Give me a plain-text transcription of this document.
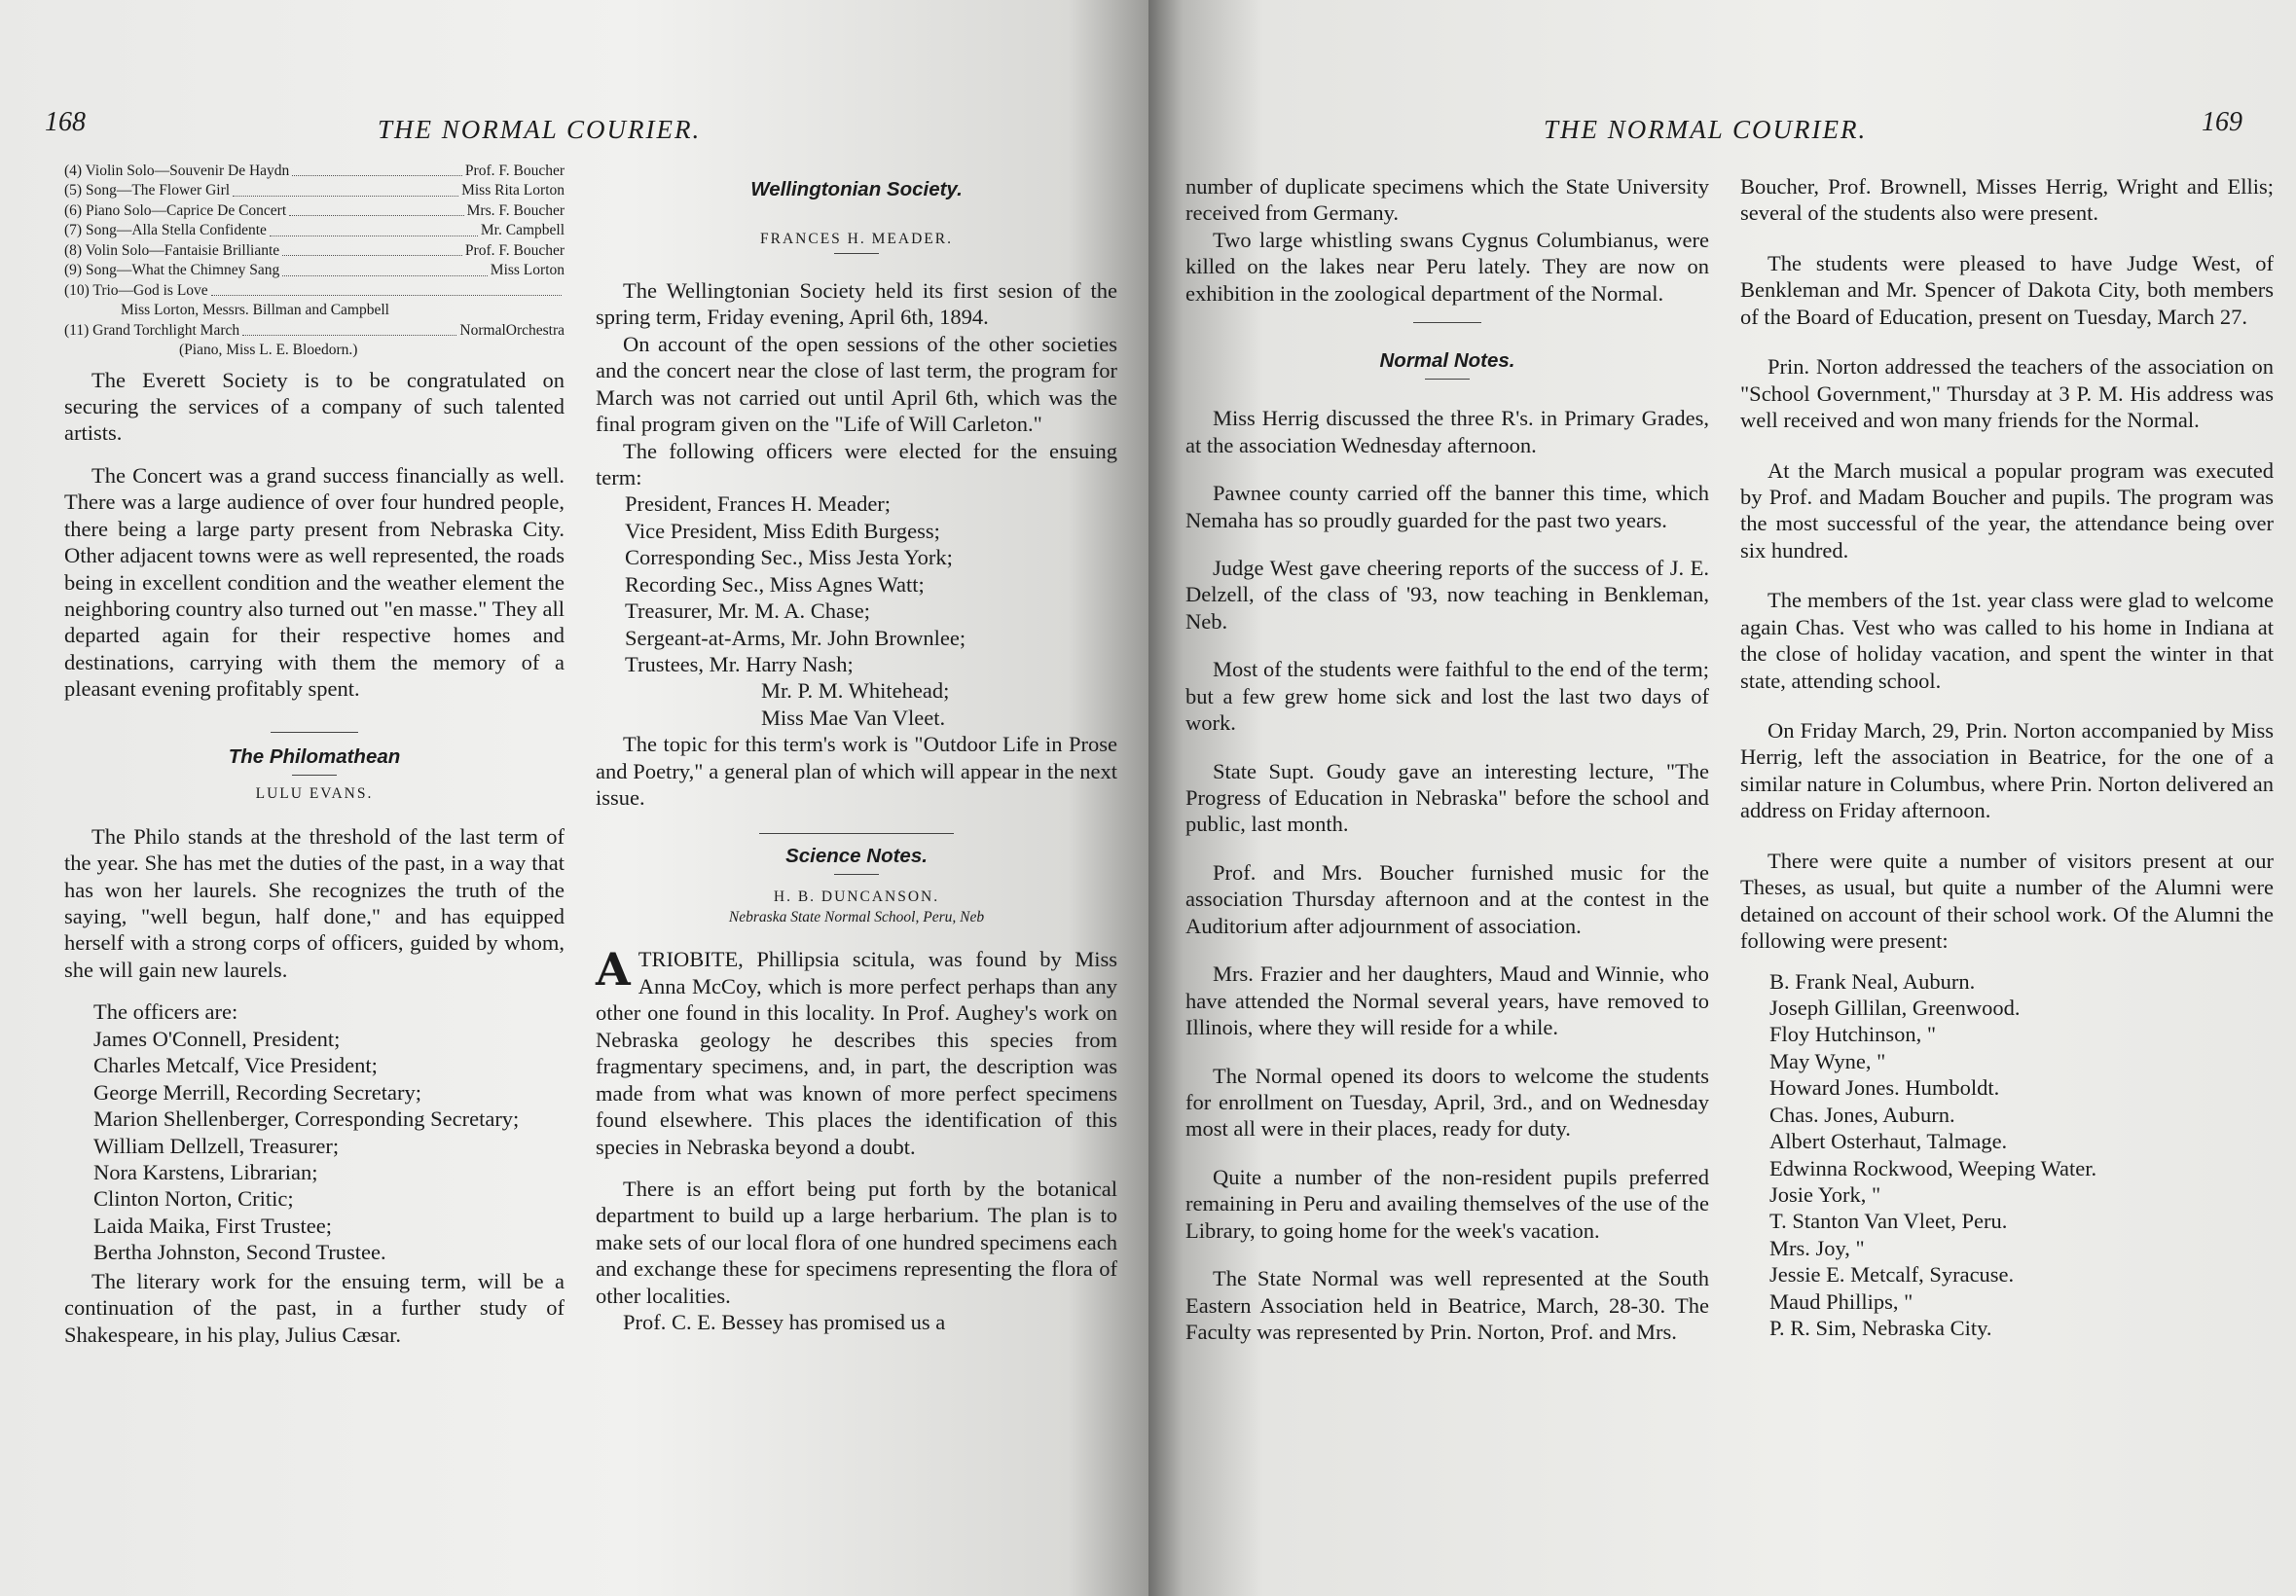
168	THE NORMAL COURIER.
(4) Violin Solo—Souvenir De Haydn	Prof. F. Boucher
(5) Song—The Flower Girl	Miss Rita Lorton
(6) Piano Solo—Caprice De Concert	Mrs. F. Boucher
(7) Song—Alla Stella Confidente	Mr. Campbell
(8) Volin Solo—Fantaisie Brilliante	Prof. F. Boucher
(9) Song—What the Chimney Sang	Miss Lorton
(10) Trio—God is Love
Miss Lorton, Messrs. Billman and Campbell
(11) Grand Torchlight March	NormalOrchestra
(Piano, Miss L. E. Bloedorn.)

The Everett Society is to be congratulated on securing the services of a company of such talented artists.

The Concert was a grand success financially as well. There was a large audience of over four hundred people, there being a large party present from Nebraska City. Other adjacent towns were as well represented, the roads being in excellent condition and the weather element the neighboring country also turned out "en masse." They all departed again for their respective homes and destinations, carrying with them the memory of a pleasant evening profitably spent.

The Philomathean
LULU EVANS.

The Philo stands at the threshold of the last term of the year. She has met the duties of the past, in a way that has won her laurels. She recognizes the truth of the saying, "well begun, half done," and has equipped herself with a strong corps of officers, guided by whom, she will gain new laurels.

The officers are:
James O'Connell, President;
Charles Metcalf, Vice President;
George Merrill, Recording Secretary;
Marion Shellenberger, Corresponding Secretary;
William Dellzell, Treasurer;
Nora Karstens, Librarian;
Clinton Norton, Critic;
Laida Maika, First Trustee;
Bertha Johnston, Second Trustee.

The literary work for the ensuing term, will be a continuation of the past, in a further study of Shakespeare, in his play, Julius Cæsar.

Wellingtonian Society.
FRANCES H. MEADER.

The Wellingtonian Society held its first sesion of the spring term, Friday evening, April 6th, 1894.

On account of the open sessions of the other societies and the concert near the close of last term, the program for March was not carried out until April 6th, which was the final program given on the "Life of Will Carleton."

The following officers were elected for the ensuing term:

President, Frances H. Meader;
Vice President, Miss Edith Burgess;
Corresponding Sec., Miss Jesta York;
Recording Sec., Miss Agnes Watt;
Treasurer, Mr. M. A. Chase;
Sergeant-at-Arms, Mr. John Brownlee;
Trustees, Mr. Harry Nash;
Mr. P. M. Whitehead;
Miss Mae Van Vleet.

The topic for this term's work is "Outdoor Life in Prose and Poetry," a general plan of which will appear in the next issue.

Science Notes.
H. B. DUNCANSON.
Nebraska State Normal School, Peru, Neb

ATRIOBITE, Phillipsia scitula, was found by Miss Anna McCoy, which is more perfect perhaps than any other one found in this locality. In Prof. Aughey's work on Nebraska geology he describes this species from fragmentary specimens, and, in part, the description was made from what was known of more perfect specimens found elsewhere. This places the identification of this species in Nebraska beyond a doubt.

There is an effort being put forth by the botanical department to build up a large herbarium. The plan is to make sets of our local flora of one hundred specimens each and exchange these for specimens representing the flora of other localities.

Prof. C. E. Bessey has promised us a

THE NORMAL COURIER.	169

number of duplicate specimens which the State University received from Germany.

Two large whistling swans Cygnus Columbianus, were killed on the lakes near Peru lately. They are now on exhibition in the zoological department of the Normal.

Normal Notes.

Miss Herrig discussed the three R's. in Primary Grades, at the association Wednesday afternoon.

Pawnee county carried off the banner this time, which Nemaha has so proudly guarded for the past two years.

Judge West gave cheering reports of the success of J. E. Delzell, of the class of '93, now teaching in Benkleman, Neb.

Most of the students were faithful to the end of the term; but a few grew home sick and lost the last two days of work.

State Supt. Goudy gave an interesting lecture, "The Progress of Education in Nebraska" before the school and public, last month.

Prof. and Mrs. Boucher furnished music for the association Thursday afternoon and at the contest in the Auditorium after adjournment of association.

Mrs. Frazier and her daughters, Maud and Winnie, who have attended the Normal several years, have removed to Illinois, where they will reside for a while.

The Normal opened its doors to welcome the students for enrollment on Tuesday, April, 3rd., and on Wednesday most all were in their places, ready for duty.

Quite a number of the non-resident pupils preferred remaining in Peru and availing themselves of the use of the Library, to going home for the week's vacation.

The State Normal was well represented at the South Eastern Association held in Beatrice, March, 28-30. The Faculty was represented by Prin. Norton, Prof. and Mrs.

Boucher, Prof. Brownell, Misses Herrig, Wright and Ellis; several of the students also were present.

The students were pleased to have Judge West, of Benkleman and Mr. Spencer of Dakota City, both members of the Board of Education, present on Tuesday, March 27.

Prin. Norton addressed the teachers of the association on "School Government," Thursday at 3 P. M. His address was well received and won many friends for the Normal.

At the March musical a popular program was executed by Prof. and Madam Boucher and pupils. The program was the most successful of the year, the attendance being over six hundred.

The members of the 1st. year class were glad to welcome again Chas. Vest who was called to his home in Indiana at the close of holiday vacation, and spent the winter in that state, attending school.

On Friday March, 29, Prin. Norton accompanied by Miss Herrig, left the association in Beatrice, for the one of a similar nature in Columbus, where Prin. Norton delivered an address on Friday afternoon.

There were quite a number of visitors present at our Theses, as usual, but quite a number of the Alumni were detained on account of their school work. Of the Alumni the following were present:

B. Frank Neal, Auburn.
Joseph Gillilan, Greenwood.
Floy Hutchinson, "
May Wyne, "
Howard Jones. Humboldt.
Chas. Jones, Auburn.
Albert Osterhaut, Talmage.
Edwinna Rockwood, Weeping Water.
Josie York, "
T. Stanton Van Vleet, Peru.
Mrs. Joy, "
Jessie E. Metcalf, Syracuse.
Maud Phillips, "
P. R. Sim, Nebraska City.
